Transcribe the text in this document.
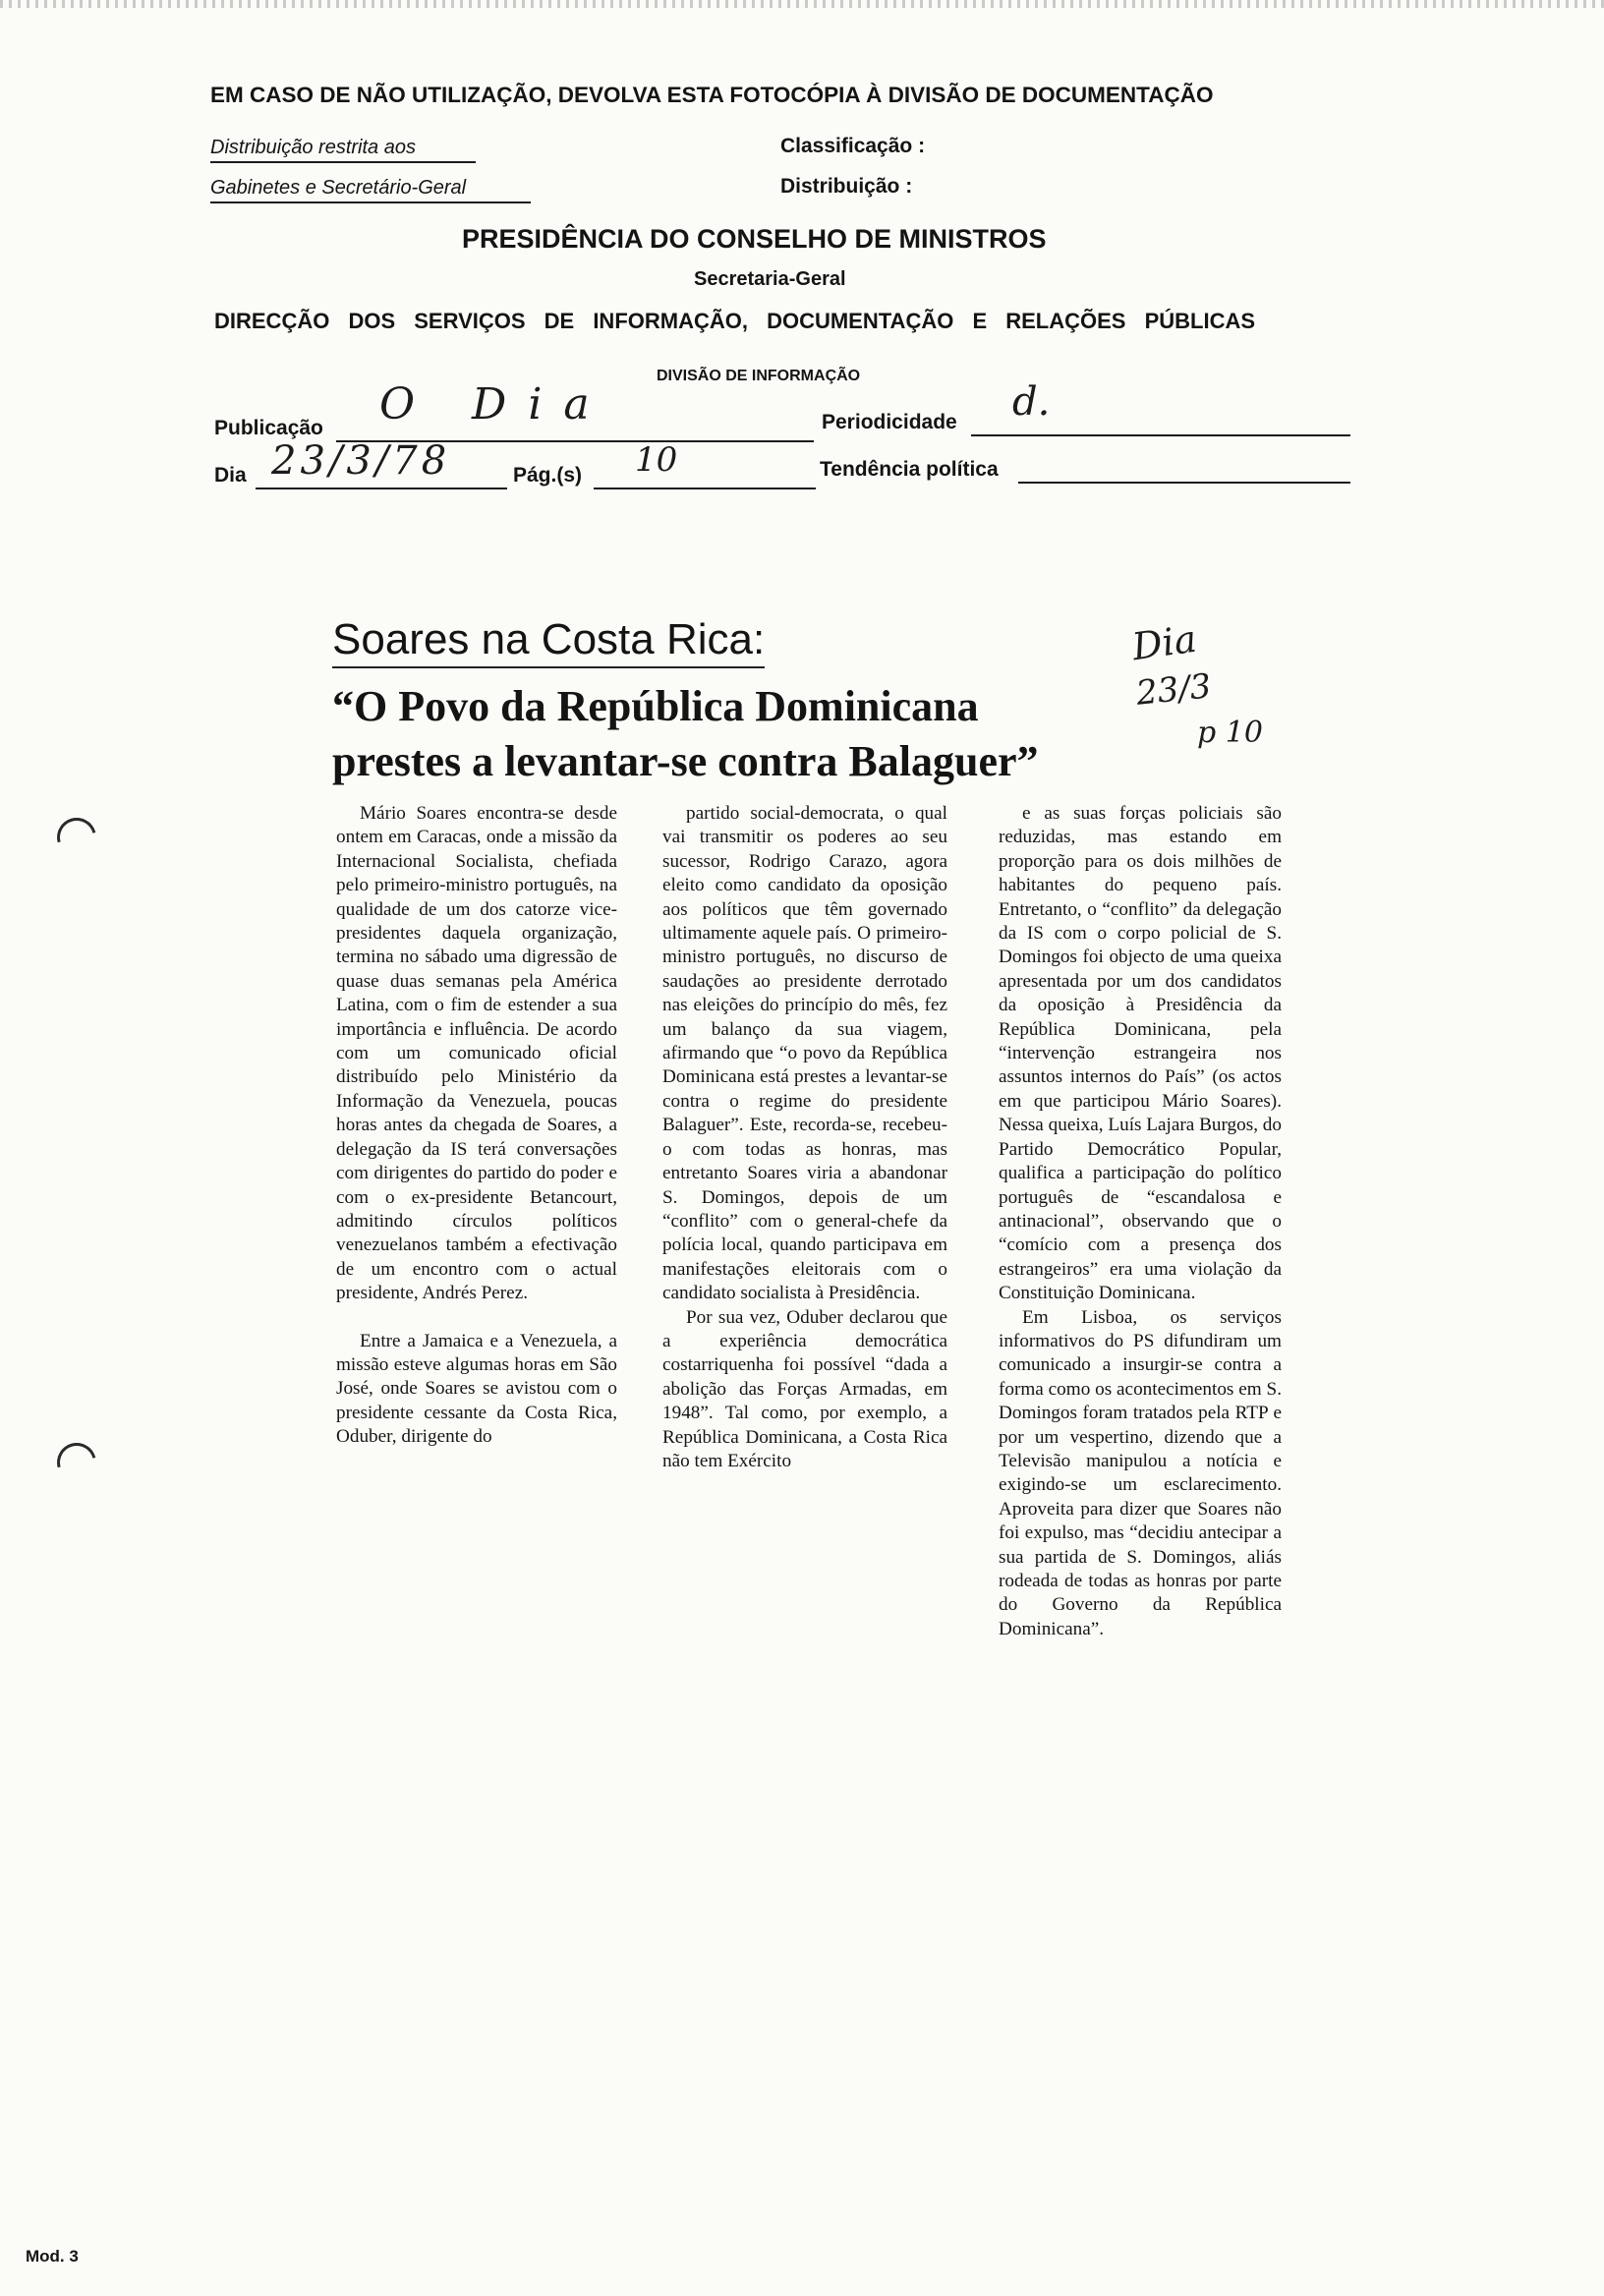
EM CASO DE NÃO UTILIZAÇÃO, DEVOLVA ESTA FOTOCÓPIA À DIVISÃO DE DOCUMENTAÇÃO
Distribuição restrita aos
Gabinetes e Secretário-Geral
Classificação :
Distribuição :
PRESIDÊNCIA DO CONSELHO DE MINISTROS
Secretaria-Geral
DIRECÇÃO DOS SERVIÇOS DE INFORMAÇÃO, DOCUMENTAÇÃO E RELAÇÕES PÚBLICAS
DIVISÃO DE INFORMAÇÃO
Publicação O Dia	Periodicidade d.
Dia 23/3/78	Pág.(s) 10	Tendência política
Dia
23/3
p 10
Soares na Costa Rica:
“O Povo da República Dominicana
prestes a levantar-se contra Balaguer”

Mário Soares encontra-se desde ontem em Caracas, onde a missão da Internacional Socialista, chefiada pelo primeiro-ministro português, na qualidade de um dos catorze vice-presidentes daquela organização, termina no sábado uma digressão de quase duas semanas pela América Latina, com o fim de estender a sua importância e influência. De acordo com um comunicado oficial distribuído pelo Ministério da Informação da Venezuela, poucas horas antes da chegada de Soares, a delegação da IS terá conversações com dirigentes do partido do poder e com o ex-presidente Betancourt, admitindo círculos políticos venezuelanos também a efectivação de um encontro com o actual presidente, Andrés Perez.

Entre a Jamaica e a Venezuela, a missão esteve algumas horas em São José, onde Soares se avistou com o presidente cessante da Costa Rica, Oduber, dirigente do

partido social-democrata, o qual vai transmitir os poderes ao seu sucessor, Rodrigo Carazo, agora eleito como candidato da oposição aos políticos que têm governado ultimamente aquele país. O primeiro-ministro português, no discurso de saudações ao presidente derrotado nas eleições do princípio do mês, fez um balanço da sua viagem, afirmando que “o povo da República Dominicana está prestes a levantar-se contra o regime do presidente Balaguer”. Este, recorda-se, recebeu-o com todas as honras, mas entretanto Soares viria a abandonar S. Domingos, depois de um “conflito” com o general-chefe da polícia local, quando participava em manifestações eleitorais com o candidato socialista à Presidência.

Por sua vez, Oduber declarou que a experiência democrática costarriquenha foi possível “dada a abolição das Forças Armadas, em 1948”. Tal como, por exemplo, a República Dominicana, a Costa Rica não tem Exército

e as suas forças policiais são reduzidas, mas estando em proporção para os dois milhões de habitantes do pequeno país. Entretanto, o “conflito” da delegação da IS com o corpo policial de S. Domingos foi objecto de uma queixa apresentada por um dos candidatos da oposição à Presidência da República Dominicana, pela “intervenção estrangeira nos assuntos internos do País” (os actos em que participou Mário Soares). Nessa queixa, Luís Lajara Burgos, do Partido Democrático Popular, qualifica a participação do político português de “escandalosa e antinacional”, observando que o “comício com a presença dos estrangeiros” era uma violação da Constituição Dominicana.

Em Lisboa, os serviços informativos do PS difundiram um comunicado a insurgir-se contra a forma como os acontecimentos em S. Domingos foram tratados pela RTP e por um vespertino, dizendo que a Televisão manipulou a notícia e exigindo-se um esclarecimento. Aproveita para dizer que Soares não foi expulso, mas “decidiu antecipar a sua partida de S. Domingos, aliás rodeada de todas as honras por parte do Governo da República Dominicana”.

Mod. 3
